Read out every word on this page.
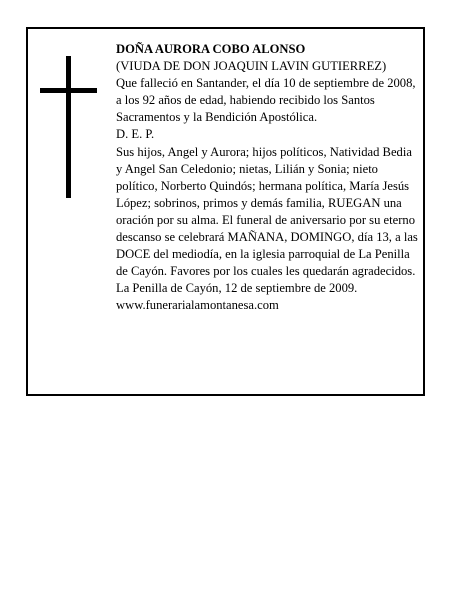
DOÑA AURORA COBO ALONSO

(VIUDA DE DON JOAQUIN LAVIN GUTIERREZ)

Que falleció en Santander, el día 10 de septiembre de 2008, a los 92 años de edad, habiendo recibido los Santos Sacramentos y la Bendición Apostólica.

D. E. P.

Sus hijos, Angel y Aurora; hijos políticos, Natividad Bedia y Angel San Celedonio; nietas, Lilián y Sonia; nieto político, Norberto Quindós; hermana política, María Jesús López; sobrinos, primos y demás familia, RUEGAN una oración por su alma. El funeral de aniversario por su eterno descanso se celebrará MAÑANA, DOMINGO, día 13, a las DOCE del mediodía, en la iglesia parroquial de La Penilla de Cayón. Favores por los cuales les quedarán agradecidos.

La Penilla de Cayón, 12 de septiembre de 2009.

www.funerarialamontanesa.com
